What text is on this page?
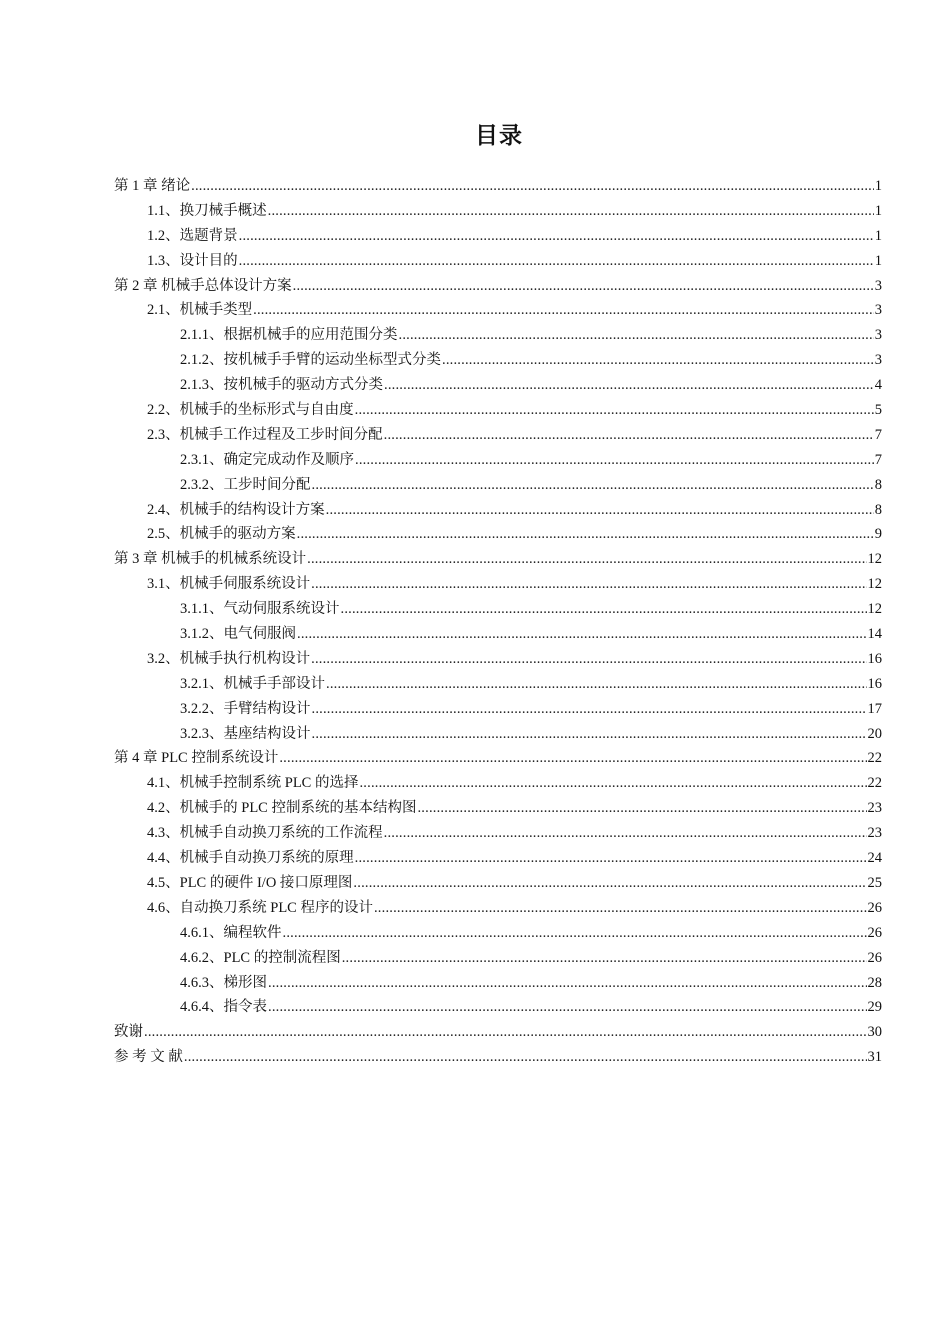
目录
第 1 章 绪论 .....	1
1.1、换刀械手概述 .....	1
1.2、选题背景 .....	1
1.3、设计目的 .....	1
第 2 章 机械手总体设计方案 .....	3
2.1、机械手类型 .....	3
2.1.1、根据机械手的应用范围分类 .....	3
2.1.2、按机械手手臂的运动坐标型式分类 .....	3
2.1.3、按机械手的驱动方式分类 .....	4
2.2、机械手的坐标形式与自由度 .....	5
2.3、机械手工作过程及工步时间分配 .....	7
2.3.1、确定完成动作及顺序 .....	7
2.3.2、工步时间分配 .....	8
2.4、机械手的结构设计方案 .....	8
2.5、机械手的驱动方案 .....	9
第 3 章 机械手的机械系统设计 .....	12
3.1、机械手伺服系统设计 .....	12
3.1.1、气动伺服系统设计 .....	12
3.1.2、电气伺服阀 .....	14
3.2、机械手执行机构设计 .....	16
3.2.1、机械手手部设计 .....	16
3.2.2、手臂结构设计 .....	17
3.2.3、基座结构设计 .....	20
第 4 章 PLC 控制系统设计 .....	22
4.1、机械手控制系统 PLC 的选择 .....	22
4.2、机械手的 PLC 控制系统的基本结构图 .....	23
4.3、机械手自动换刀系统的工作流程 .....	23
4.4、机械手自动换刀系统的原理 .....	24
4.5、PLC 的硬件 I/O 接口原理图 .....	25
4.6、自动换刀系统 PLC 程序的设计 .....	26
4.6.1、编程软件 .....	26
4.6.2、PLC 的控制流程图 .....	26
4.6.3、梯形图 .....	28
4.6.4、指令表 .....	29
致谢 .....	30
参 考 文 献 .....	31
